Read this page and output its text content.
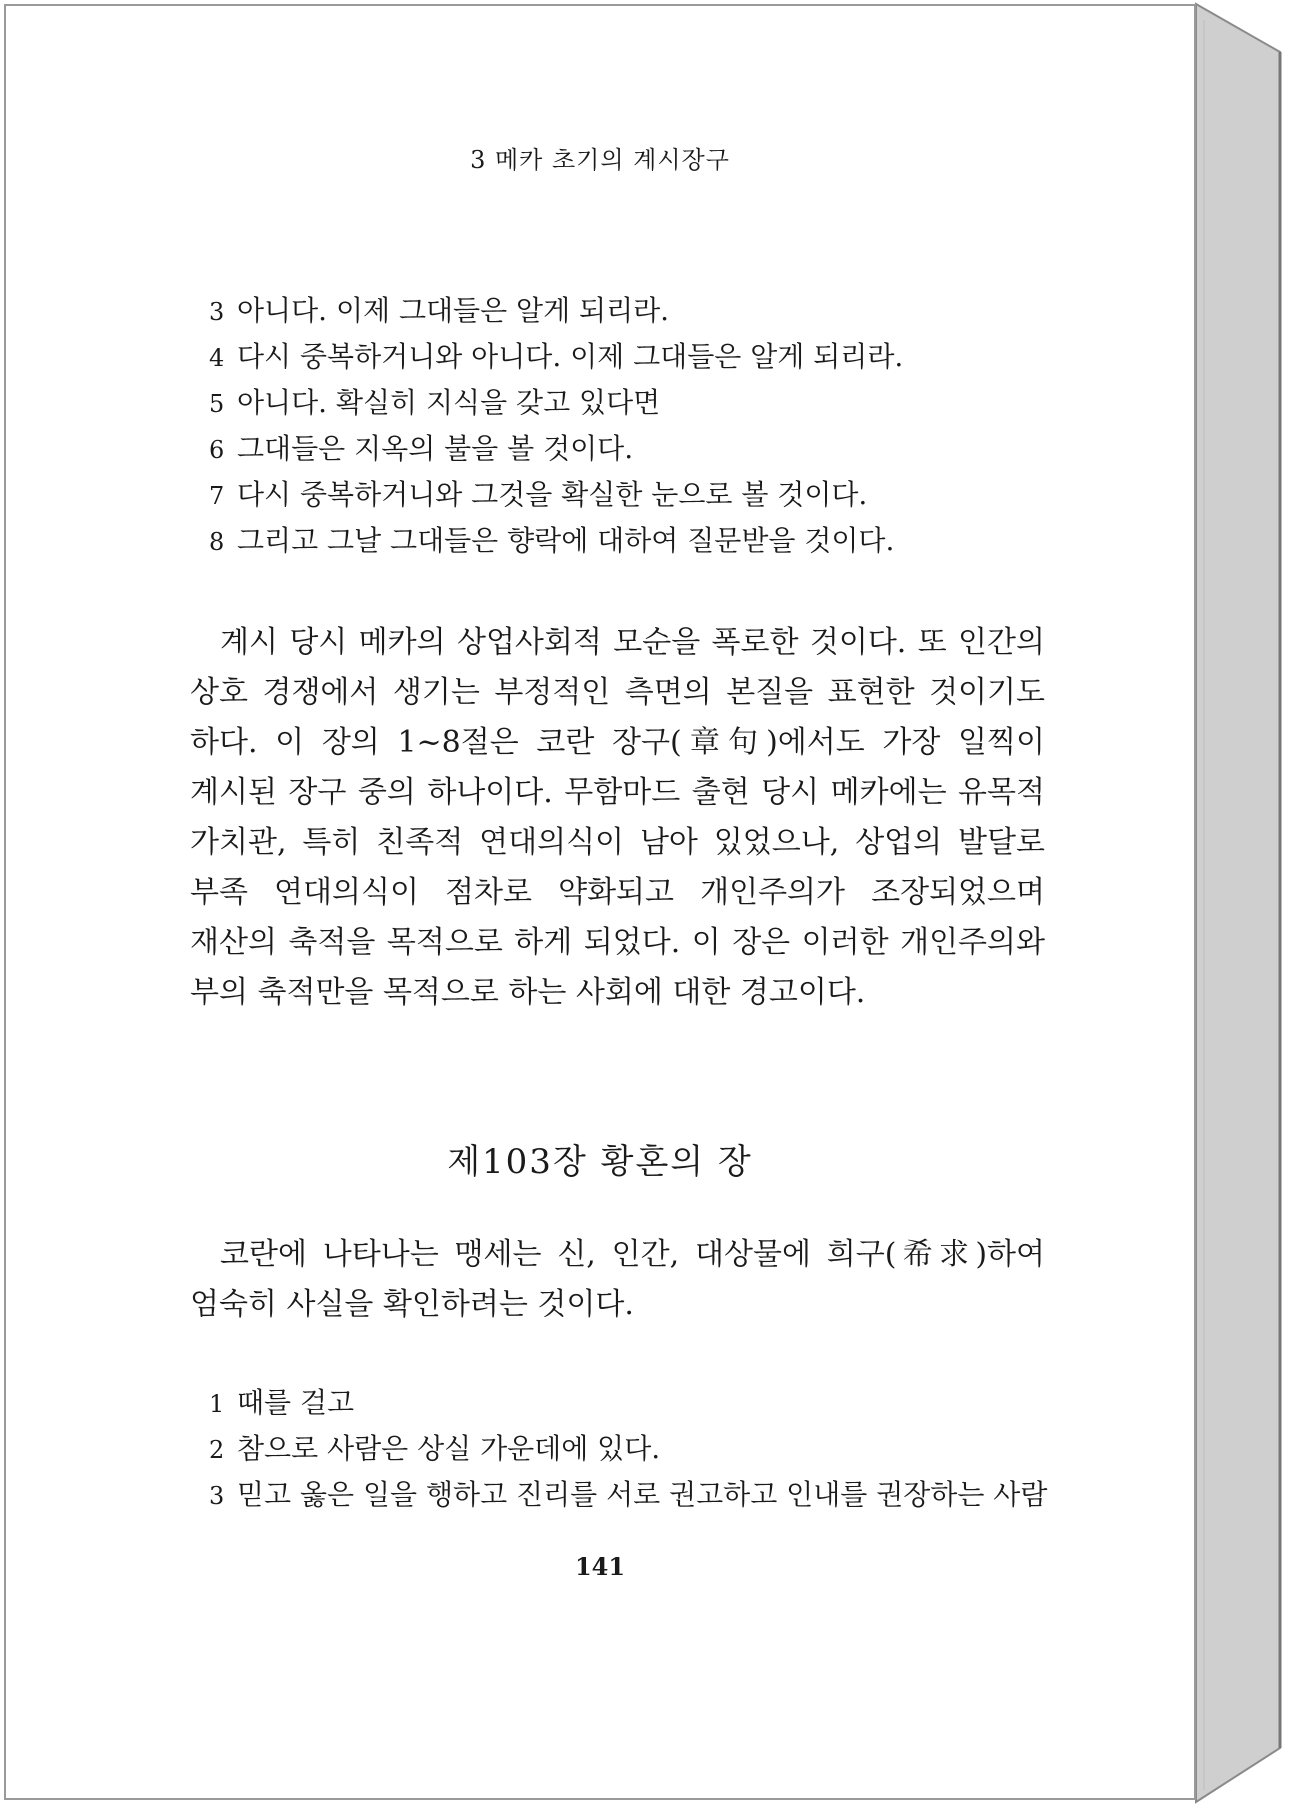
3 메카 초기의 계시장구
3 아니다. 이제 그대들은 알게 되리라.
4 다시 중복하거니와 아니다. 이제 그대들은 알게 되리라.
5 아니다. 확실히 지식을 갖고 있다면
6 그대들은 지옥의 불을 볼 것이다.
7 다시 중복하거니와 그것을 확실한 눈으로 볼 것이다.
8 그리고 그날 그대들은 향락에 대하여 질문받을 것이다.

계시 당시 메카의 상업사회적 모순을 폭로한 것이다. 또 인간의 상호 경쟁에서 생기는 부정적인 측면의 본질을 표현한 것이기도 하다. 이 장의 1~8절은 코란 장구(章句)에서도 가장 일찍이 계시된 장구 중의 하나이다. 무함마드 출현 당시 메카에는 유목적 가치관, 특히 친족적 연대의식이 남아 있었으나, 상업의 발달로 부족 연대의식이 점차로 약화되고 개인주의가 조장되었으며 재산의 축적을 목적으로 하게 되었다. 이 장은 이러한 개인주의와 부의 축적만을 목적으로 하는 사회에 대한 경고이다.

제103장 황혼의 장

코란에 나타나는 맹세는 신, 인간, 대상물에 희구(希求)하여 엄숙히 사실을 확인하려는 것이다.

1 때를 걸고
2 참으로 사람은 상실 가운데에 있다.
3 믿고 옳은 일을 행하고 진리를 서로 권고하고 인내를 권장하는 사람
141
